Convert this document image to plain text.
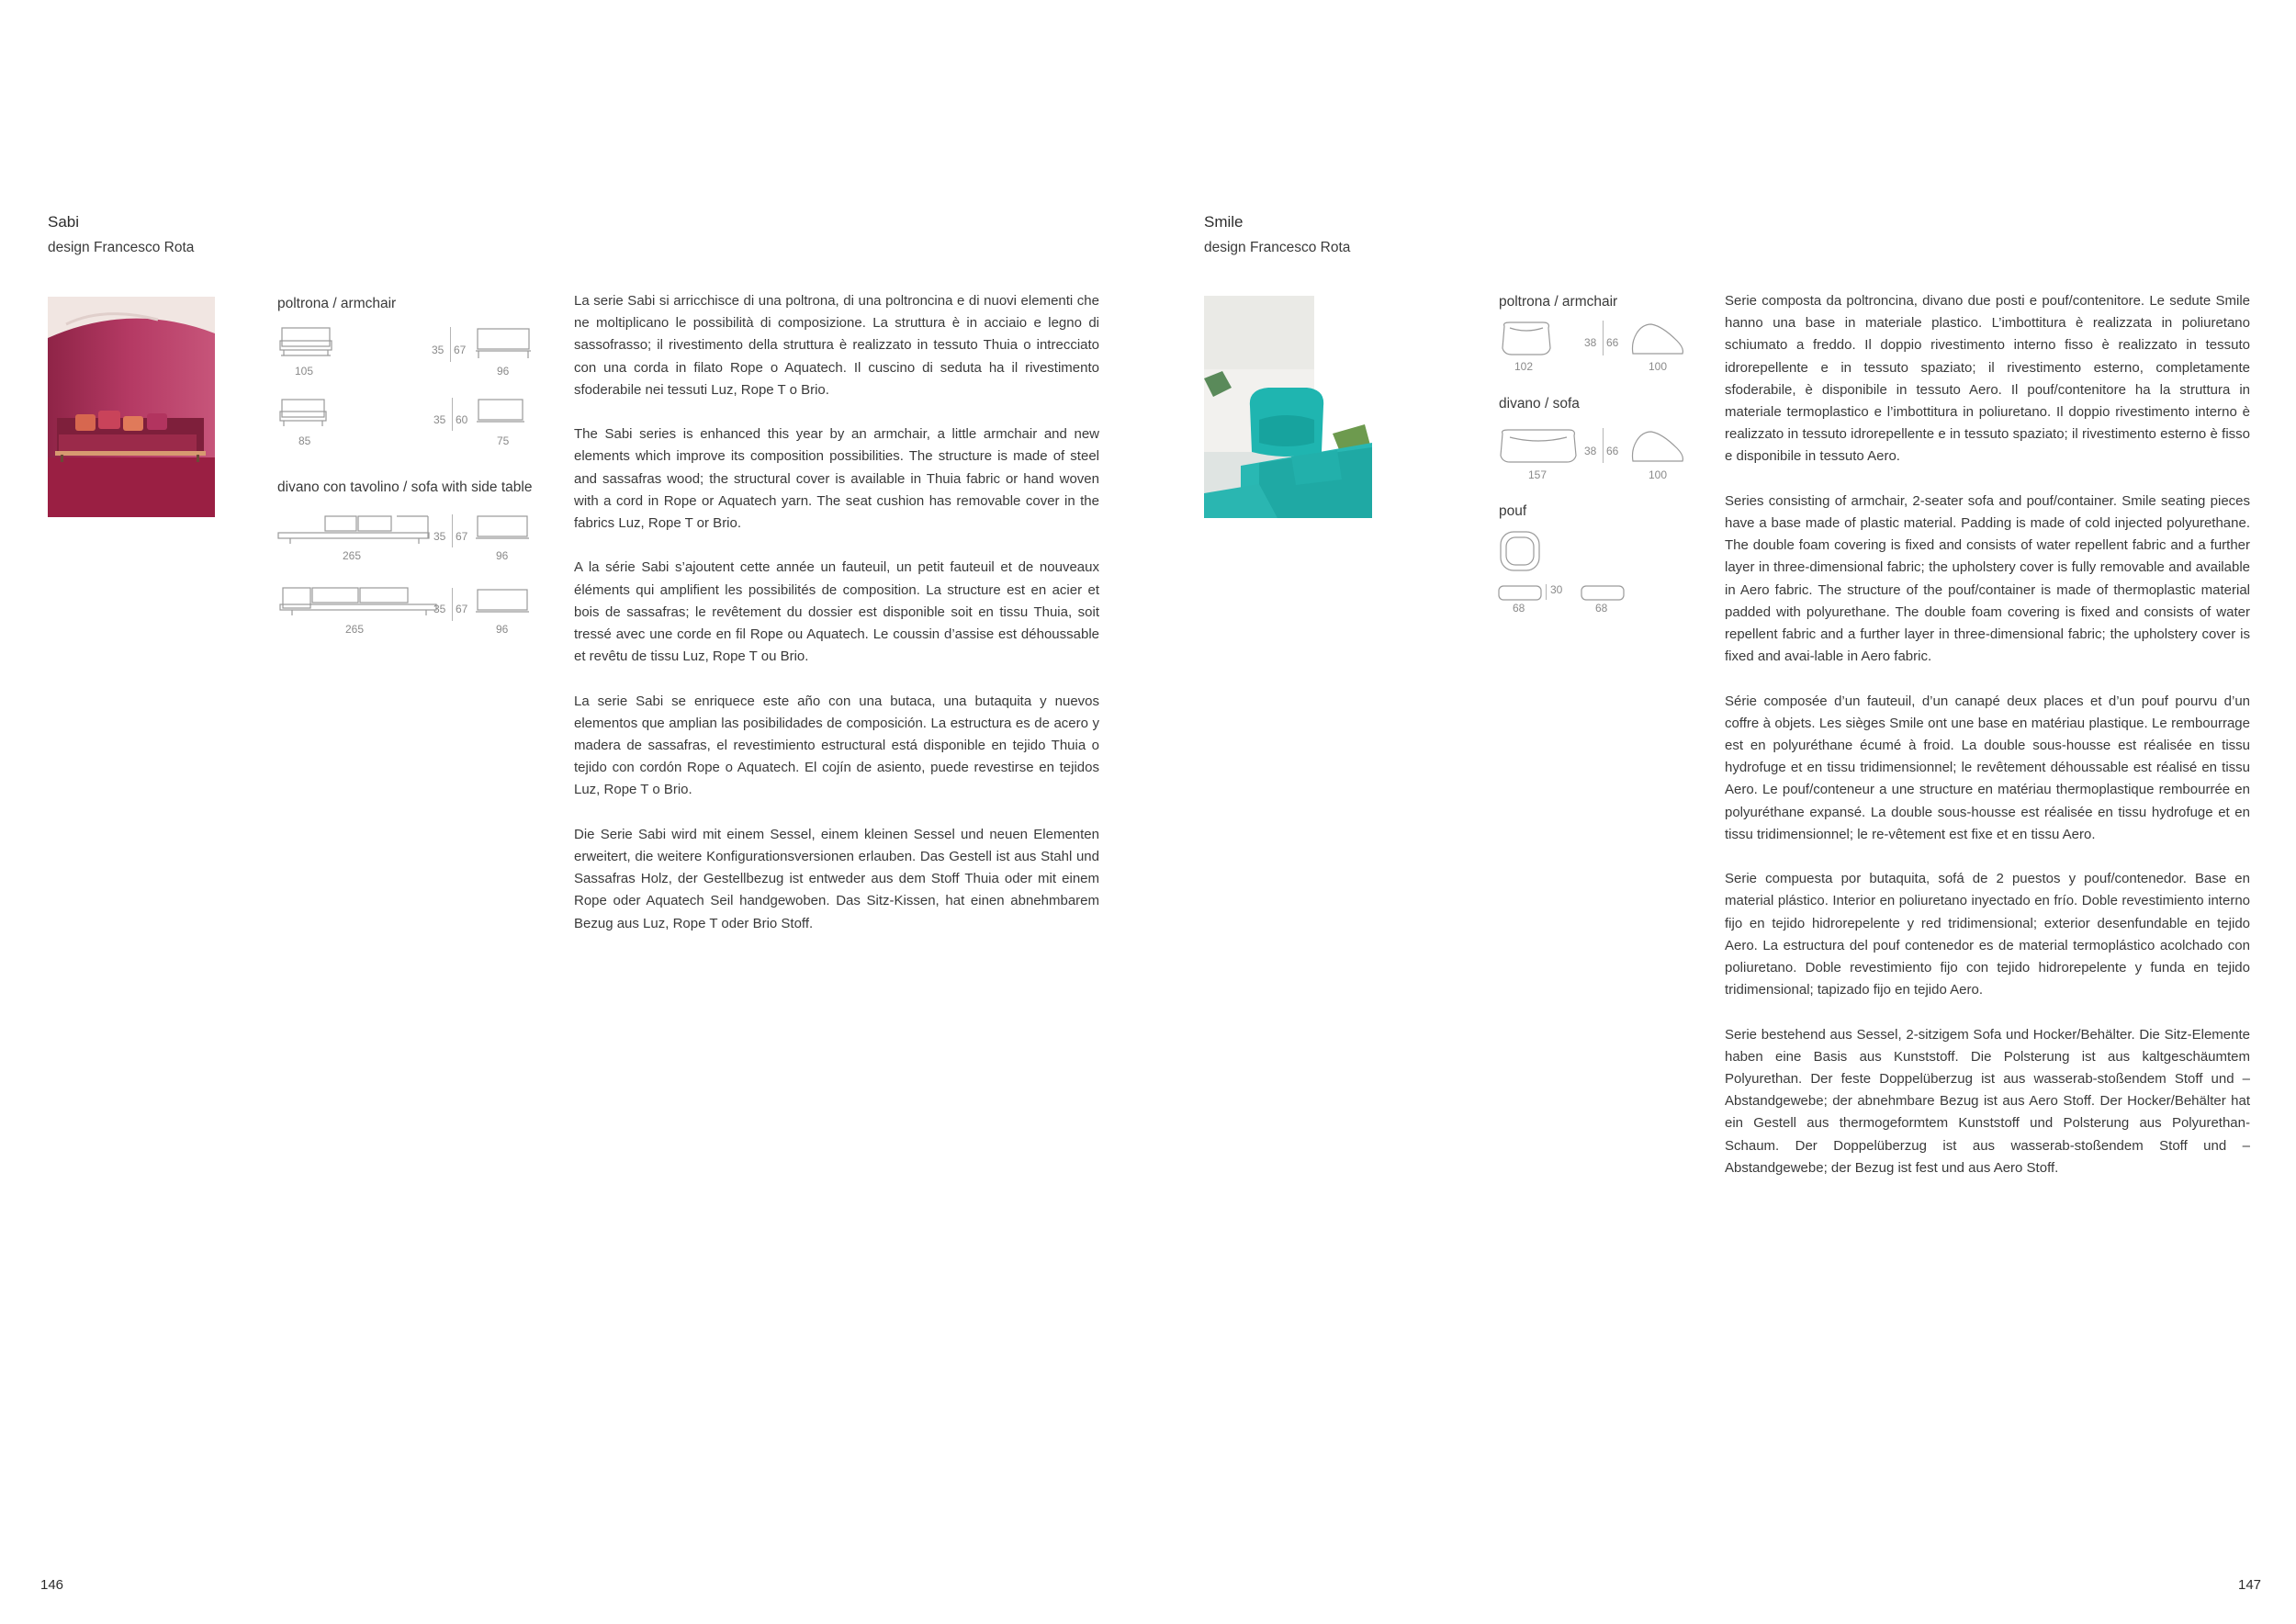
Sabi
design Francesco Rota
poltrona / armchair
105
35 67
96
85
35 60
75
divano con tavolino / sofa with side table
265
35 67
96
265
35 67
96

La serie Sabi si arricchisce di una poltrona, di una poltroncina e di nuovi elementi che ne moltiplicano le possibilità di composizione. La struttura è in acciaio e legno di sassofrasso; il rivestimento della struttura è realizzato in tessuto Thuia o intrecciato con una corda in filato Rope o Aquatech. Il cuscino di seduta ha il rivestimento sfoderabile nei tessuti Luz, Rope T o Brio.

The Sabi series is enhanced this year by an armchair, a little armchair and new elements which improve its composition possibilities. The structure is made of steel and sassafras wood; the structural cover is available in Thuia fabric or hand woven with a cord in Rope or Aquatech yarn. The seat cushion has removable cover in the fabrics Luz, Rope T or Brio.

A la série Sabi s’ajoutent cette année un fauteuil, un petit fauteuil et de nouveaux éléments qui amplifient les possibilités de composition. La structure est en acier et bois de sassafras; le revêtement du dossier est disponible soit en tissu Thuia, soit tressé avec une corde en fil Rope ou Aquatech. Le coussin d’assise est déhoussable et revêtu de tissu Luz, Rope T ou Brio.

La serie Sabi se enriquece este año con una butaca, una butaquita y nuevos elementos que amplian las posibilidades de composición. La estructura es de acero y madera de sassafras, el revestimiento estructural está disponible en tejido Thuia o tejido con cordón Rope o Aquatech. El cojín de asiento, puede revestirse en tejidos Luz, Rope T o Brio.

Die Serie Sabi wird mit einem Sessel, einem kleinen Sessel und neuen Elementen erweitert, die weitere Konfigurationsversionen erlauben. Das Gestell ist aus Stahl und Sassafras Holz, der Gestellbezug ist entweder aus dem Stoff Thuia oder mit einem Rope oder Aquatech Seil handgewoben. Das Sitz-Kissen, hat einen abnehmbarem Bezug aus Luz, Rope T oder Brio Stoff.

146
Smile
design Francesco Rota
poltrona / armchair
102
38 66
100
divano / sofa
157
38 66
100
pouf
30
68	68

Serie composta da poltroncina, divano due posti e pouf/contenitore. Le sedute Smile hanno una base in materiale plastico. L’imbottitura è realizzata in poliuretano schiumato a freddo. Il doppio rivestimento interno fisso è realizzato in tessuto idrorepellente e in tessuto spaziato; il rivestimento esterno, completamente sfoderabile, è disponibile in tessuto Aero. Il pouf/contenitore ha la struttura in materiale termoplastico e l’imbottitura in poliuretano. Il doppio rivestimento interno è realizzato in tessuto idrorepellente e in tessuto spaziato; il rivestimento esterno è fisso e disponibile in tessuto Aero.

Series consisting of armchair, 2-seater sofa and pouf/container. Smile seating pieces have a base made of plastic material. Padding is made of cold injected polyurethane. The double foam covering is fixed and consists of water repellent fabric and a further layer in three-dimensional fabric; the upholstery cover is fully removable and available in Aero fabric. The structure of the pouf/container is made of thermoplastic material padded with polyurethane. The double foam covering is fixed and consists of water repellent fabric and a further layer in three-dimensional fabric; the upholstery cover is fixed and avai-lable in Aero fabric.

Série composée d’un fauteuil, d’un canapé deux places et d’un pouf pourvu d’un coffre à objets. Les sièges Smile ont une base en matériau plastique. Le rembourrage est en polyuréthane écumé à froid. La double sous-housse est réalisée en tissu hydrofuge et en tissu tridimensionnel; le revêtement déhoussable est réalisé en tissu Aero. Le pouf/conteneur a une structure en matériau thermoplastique rembourrée en polyuréthane expansé. La double sous-housse est réalisée en tissu hydrofuge et en tissu tridimensionnel; le re-vêtement est fixe et en tissu Aero.

Serie compuesta por butaquita, sofá de 2 puestos y pouf/contenedor. Base en material plástico. Interior en poliuretano inyectado en frío. Doble revestimiento interno fijo en tejido hidrorepelente y red tridimensional; exterior desenfundable en tejido Aero. La estructura del pouf contenedor es de material termoplástico acolchado con poliuretano. Doble revestimiento fijo con tejido hidrorepelente y funda en tejido tridimensional; tapizado fijo en tejido Aero.

Serie bestehend aus Sessel, 2-sitzigem Sofa und Hocker/Behälter. Die Sitz-Elemente haben eine Basis aus Kunststoff. Die Polsterung ist aus kaltgeschäumtem Polyurethan. Der feste Doppelüberzug ist aus wasserab-stoßendem Stoff und –Abstandgewebe; der abnehmbare Bezug ist aus Aero Stoff. Der Hocker/Behälter hat ein Gestell aus thermogeformtem Kunststoff und Polsterung aus Polyurethan-Schaum. Der Doppelüberzug ist aus wasserab-stoßendem Stoff und –Abstandgewebe; der Bezug ist fest und aus Aero Stoff.

147
